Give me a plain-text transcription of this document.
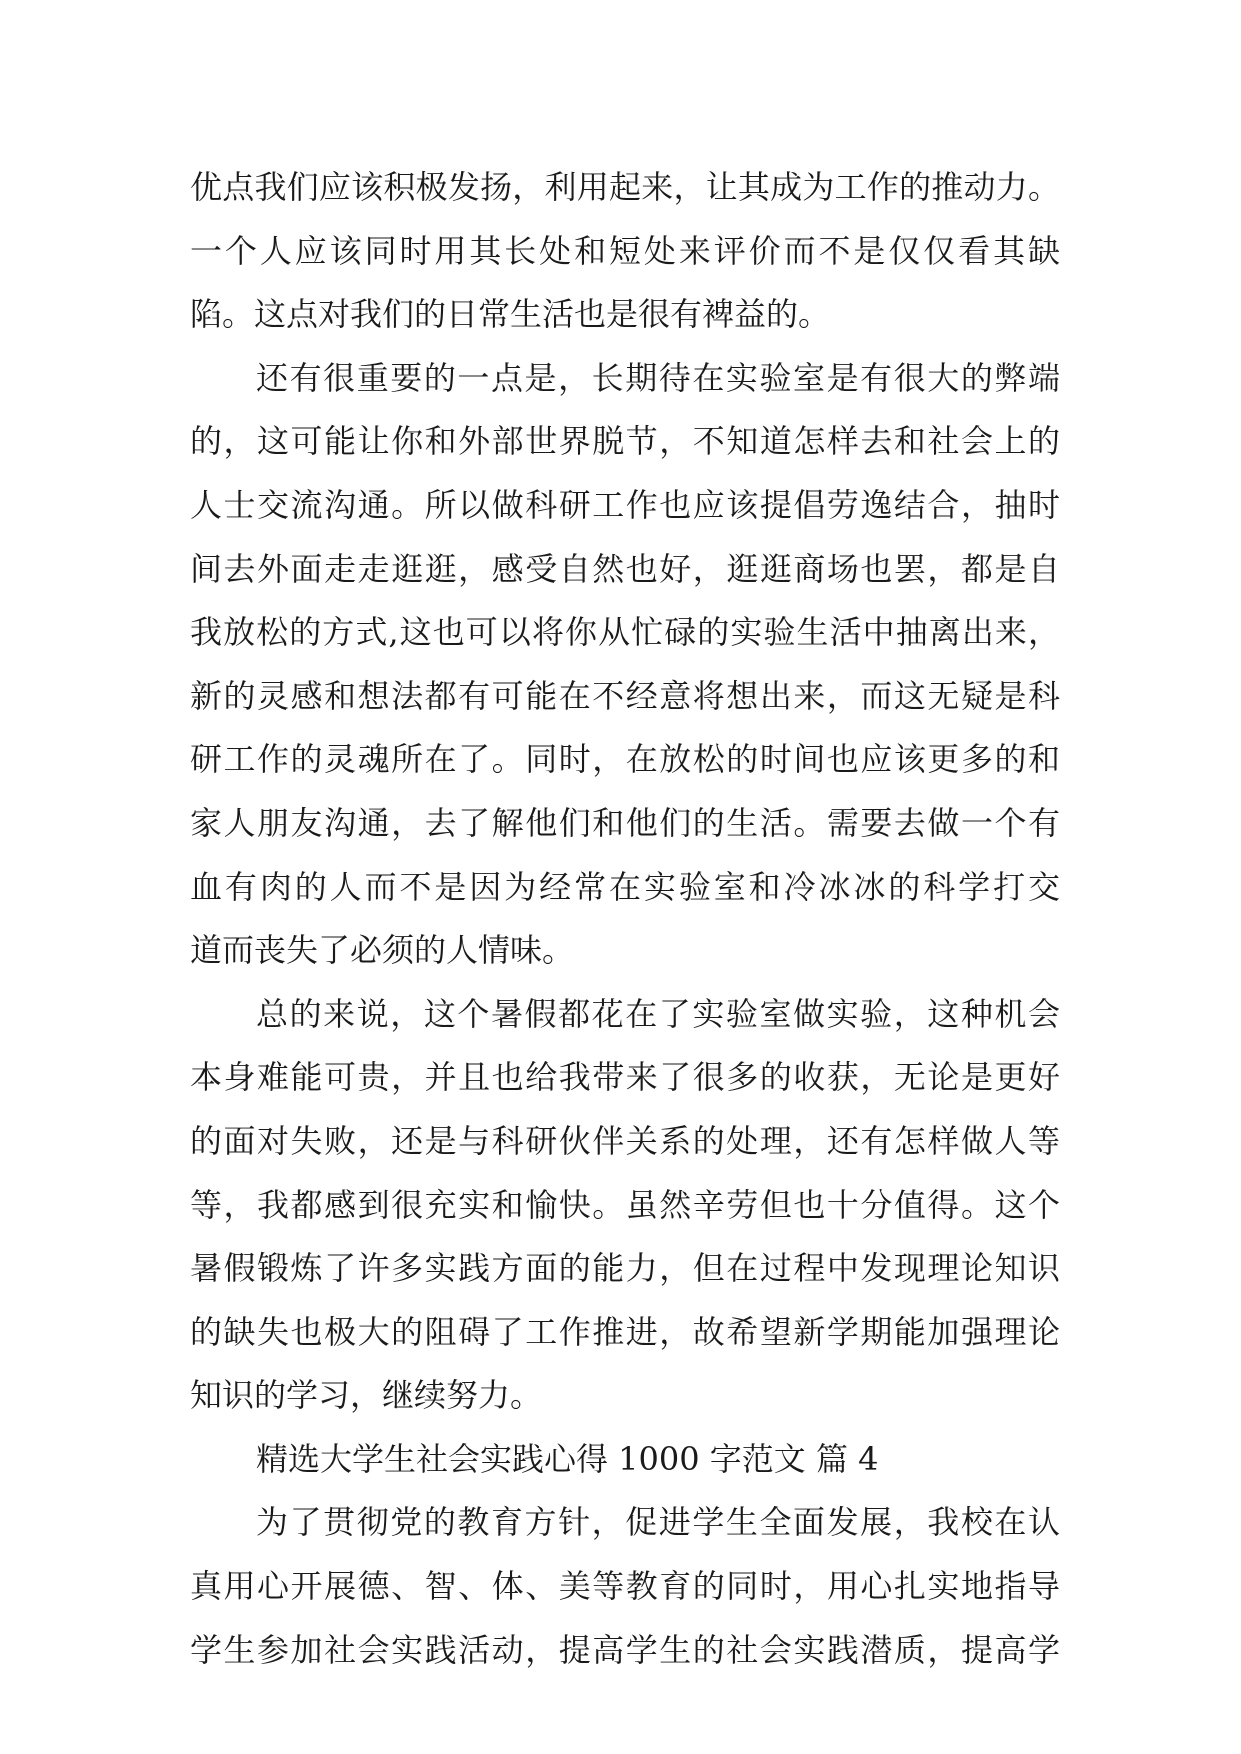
优点我们应该积极发扬，利用起来，让其成为工作的推动力。
一个人应该同时用其长处和短处来评价而不是仅仅看其缺
陷。这点对我们的日常生活也是很有裨益的。
还有很重要的一点是，长期待在实验室是有很大的弊端
的，这可能让你和外部世界脱节，不知道怎样去和社会上的
人士交流沟通。所以做科研工作也应该提倡劳逸结合，抽时
间去外面走走逛逛，感受自然也好，逛逛商场也罢，都是自
我放松的方式,这也可以将你从忙碌的实验生活中抽离出来，
新的灵感和想法都有可能在不经意将想出来，而这无疑是科
研工作的灵魂所在了。同时，在放松的时间也应该更多的和
家人朋友沟通，去了解他们和他们的生活。需要去做一个有
血有肉的人而不是因为经常在实验室和冷冰冰的科学打交
道而丧失了必须的人情味。
总的来说，这个暑假都花在了实验室做实验，这种机会
本身难能可贵，并且也给我带来了很多的收获，无论是更好
的面对失败，还是与科研伙伴关系的处理，还有怎样做人等
等，我都感到很充实和愉快。虽然辛劳但也十分值得。这个
暑假锻炼了许多实践方面的能力，但在过程中发现理论知识
的缺失也极大的阻碍了工作推进，故希望新学期能加强理论
知识的学习，继续努力。
精选大学生社会实践心得 1000 字范文 篇 4
为了贯彻党的教育方针，促进学生全面发展，我校在认
真用心开展德、智、体、美等教育的同时，用心扎实地指导
学生参加社会实践活动，提高学生的社会实践潜质，提高学
